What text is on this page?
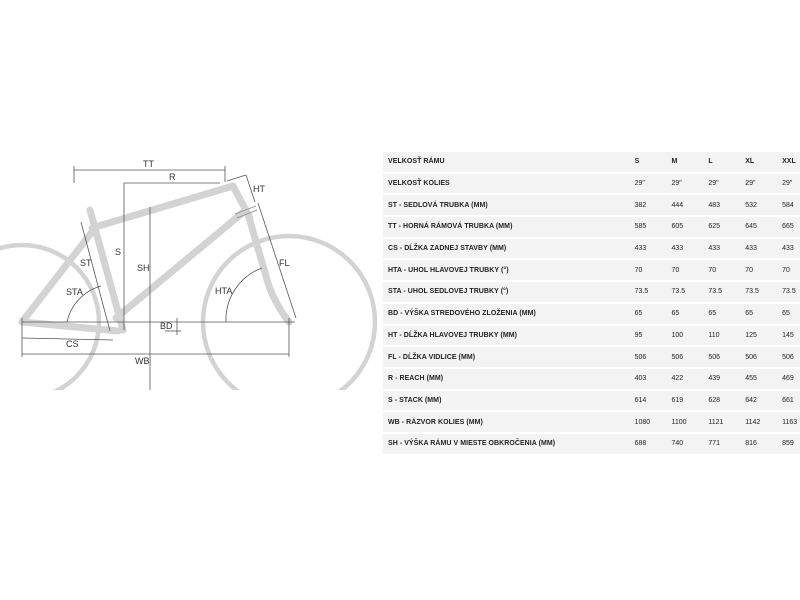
TT
R
HT
S
SH
ST	FL
STA	HTA
BD
CS
WB
VELKOSŤ RÁMU	S	M	L	XL	XXL
VELKOSŤ KOLIES	29"	29"	29"	29"	29"
ST - SEDLOVÁ TRUBKA (MM)	382	444	483	532	584
TT - HORNÁ RÁMOVÁ TRUBKA (MM)	585	605	625	645	665
CS - DĹŽKA ZADNEJ STAVBY (MM)	433	433	433	433	433
HTA - UHOL HLAVOVEJ TRUBKY (°)	70	70	70	70	70
STA - UHOL SEDLOVEJ TRUBKY (°)	73.5	73.5	73.5	73.5	73.5
BD - VÝŠKA STREDOVÉHO ZLOŽENIA (MM)	65	65	65	65	65
HT - DĹŽKA HLAVOVEJ TRUBKY (MM)	95	100	110	125	145
FL - DĹŽKA VIDLICE (MM)	506	506	506	506	506
R - REACH (MM)	403	422	439	455	469
S - STACK (MM)	614	619	628	642	661
WB - RÁZVOR KOLIES (MM)	1080	1100	1121	1142	1163
SH - VÝŠKA RÁMU V MIESTE OBKROČENIA (MM)	688	740	771	816	859
